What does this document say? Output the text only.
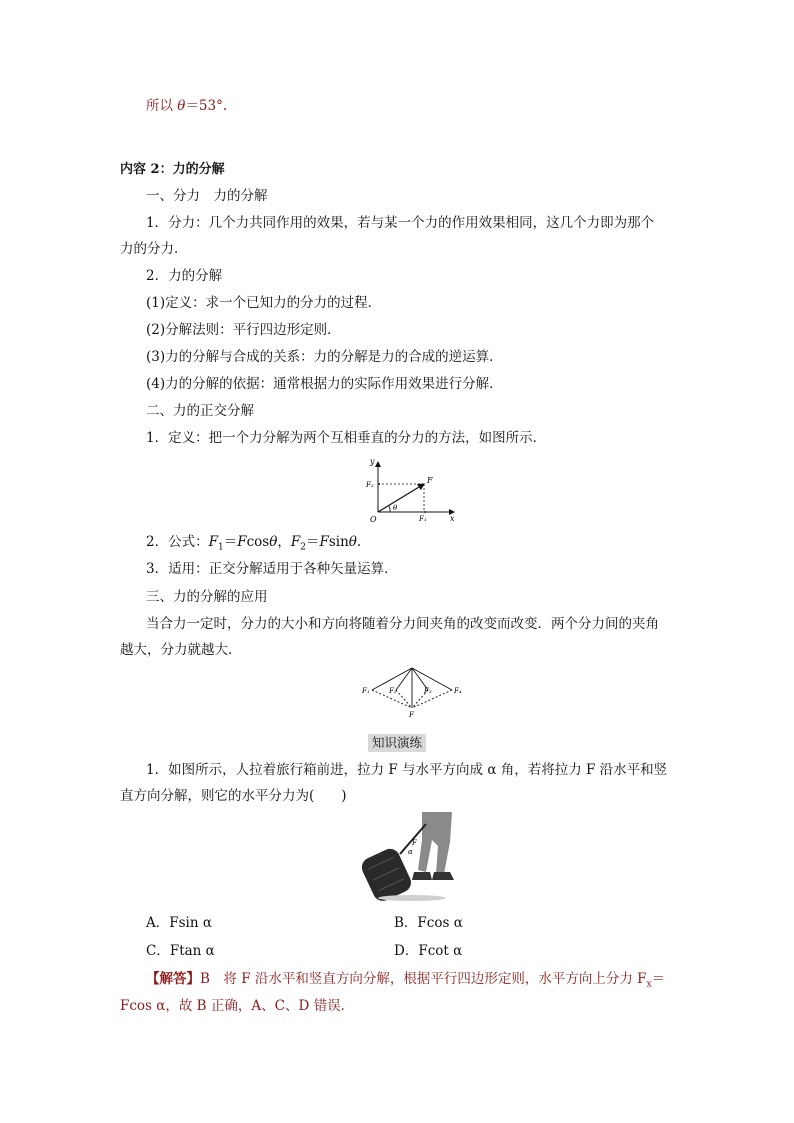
所以 θ＝53°.
内容 2：力的分解
一、分力　力的分解
1．分力：几个力共同作用的效果，若与某一个力的作用效果相同，这几个力即为那个
力的分力．
2．力的分解
(1)定义：求一个已知力的分力的过程．
(2)分解法则：平行四边形定则．
(3)力的分解与合成的关系：力的分解是力的合成的逆运算．
(4)力的分解的依据：通常根据力的实际作用效果进行分解．
二、力的正交分解
1．定义：把一个力分解为两个互相垂直的分力的方法，如图所示．
y
x
O
F
F₂
F₁
θ
2．公式：$F_1=Fcos\theta$，$F_2=Fsin\theta$.
3．适用：正交分解适用于各种矢量运算．
三、力的分解的应用
当合力一定时，分力的大小和方向将随着分力间夹角的改变而改变．两个分力间的夹角
越大，分力就越大．
F₁	F₂	F₃	F₄
F
知识演练
1．如图所示，人拉着旅行箱前进，拉力 F 与水平方向成 α 角，若将拉力 F 沿水平和竖
直方向分解，则它的水平分力为(　　)
F
α
A．Fsin α	B．Fcos α
C．Ftan α	D．Fcot α
【解答】B　将 F 沿水平和竖直方向分解，根据平行四边形定则，水平方向上分力 $F_x=$
Fcos α，故 B 正确，A、C、D 错误．
